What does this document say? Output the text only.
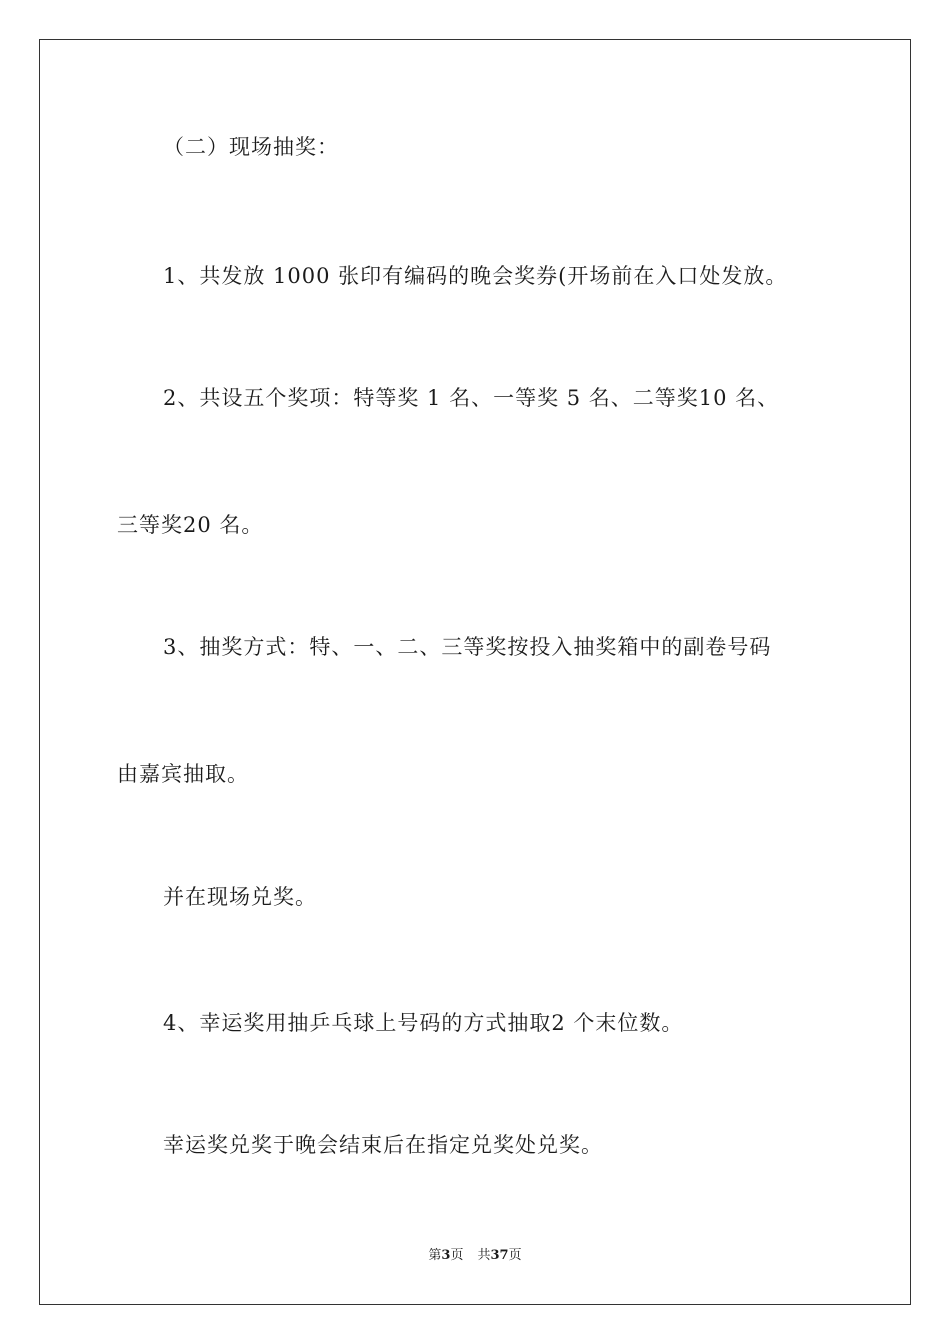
（二）现场抽奖：

1、共发放 1000 张印有编码的晚会奖券(开场前在入口处发放。

2、共设五个奖项：特等奖 1 名、一等奖 5 名、二等奖10 名、

三等奖20 名。

3、抽奖方式：特、一、二、三等奖按投入抽奖箱中的副卷号码

由嘉宾抽取。

并在现场兑奖。

4、幸运奖用抽乒乓球上号码的方式抽取2 个末位数。

幸运奖兑奖于晚会结束后在指定兑奖处兑奖。

第3页 共37页
